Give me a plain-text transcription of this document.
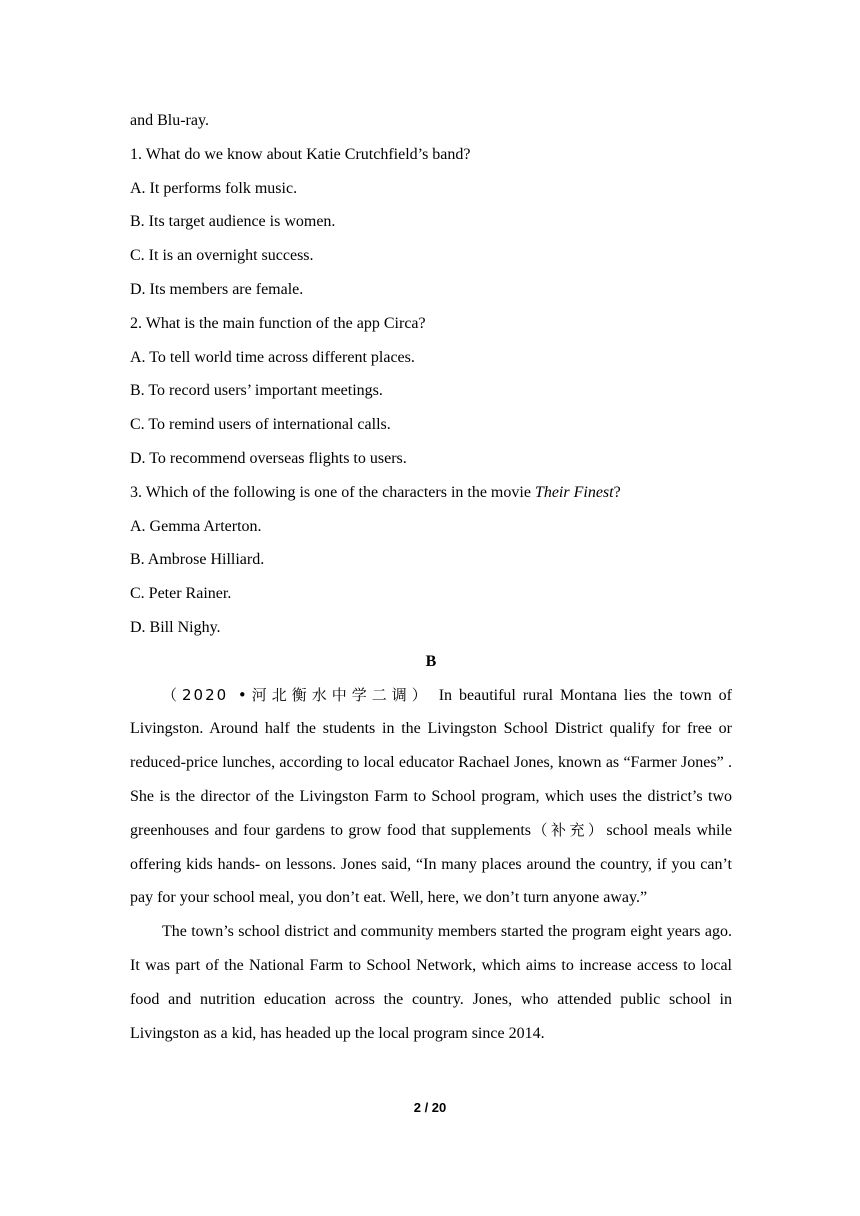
and Blu-ray.
1. What do we know about Katie Crutchfield’s band?
A. It performs folk music.
B. Its target audience is women.
C. It is an overnight success.
D. Its members are female.
2. What is the main function of the app Circa?
A. To tell world time across different places.
B. To record users’ important meetings.
C. To remind users of international calls.
D. To recommend overseas flights to users.
3. Which of the following is one of the characters in the movie Their Finest?
A. Gemma Arterton.
B. Ambrose Hilliard.
C. Peter Rainer.
D. Bill Nighy.
B

（2020 •河北衡水中学二调） In beautiful rural Montana lies the town of Livingston. Around half the students in the Livingston School District qualify for free or reduced-price lunches, according to local educator Rachael Jones, known as “Farmer Jones” . She is the director of the Livingston Farm to School program, which uses the district’s two greenhouses and four gardens to grow food that supplements（补充）school meals while offering kids hands- on lessons. Jones said, “In many places around the country, if you can’t pay for your school meal, you don’t eat. Well, here, we don’t turn anyone away.”

The town’s school district and community members started the program eight years ago. It was part of the National Farm to School Network, which aims to increase access to local food and nutrition education across the country. Jones, who attended public school in Livingston as a kid, has headed up the local program since 2014.

2 / 20
